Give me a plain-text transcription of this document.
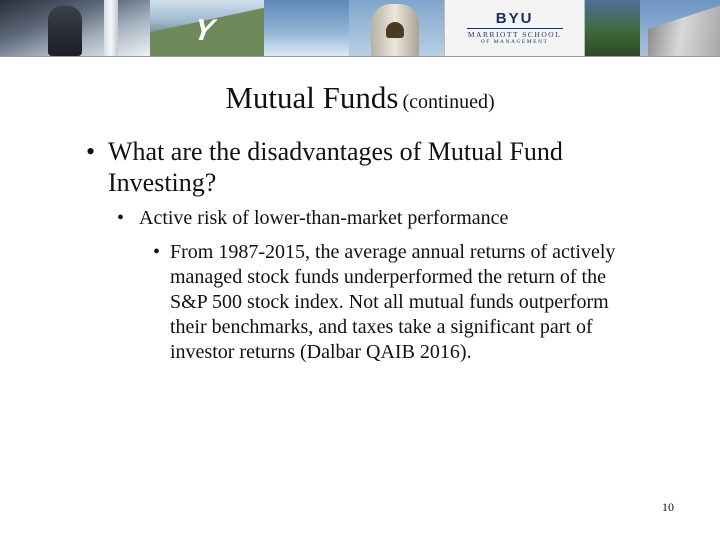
Y	BYU
MARRIOTT SCHOOL
OF MANAGEMENT
Mutual Funds (continued)
• What are the disadvantages of Mutual Fund Investing?
• Active risk of lower-than-market performance
• From 1987-2015, the average annual returns of actively managed stock funds underperformed the return of the S&P 500 stock index. Not all mutual funds outperform their benchmarks, and taxes take a significant part of investor returns (Dalbar QAIB 2016).
10
